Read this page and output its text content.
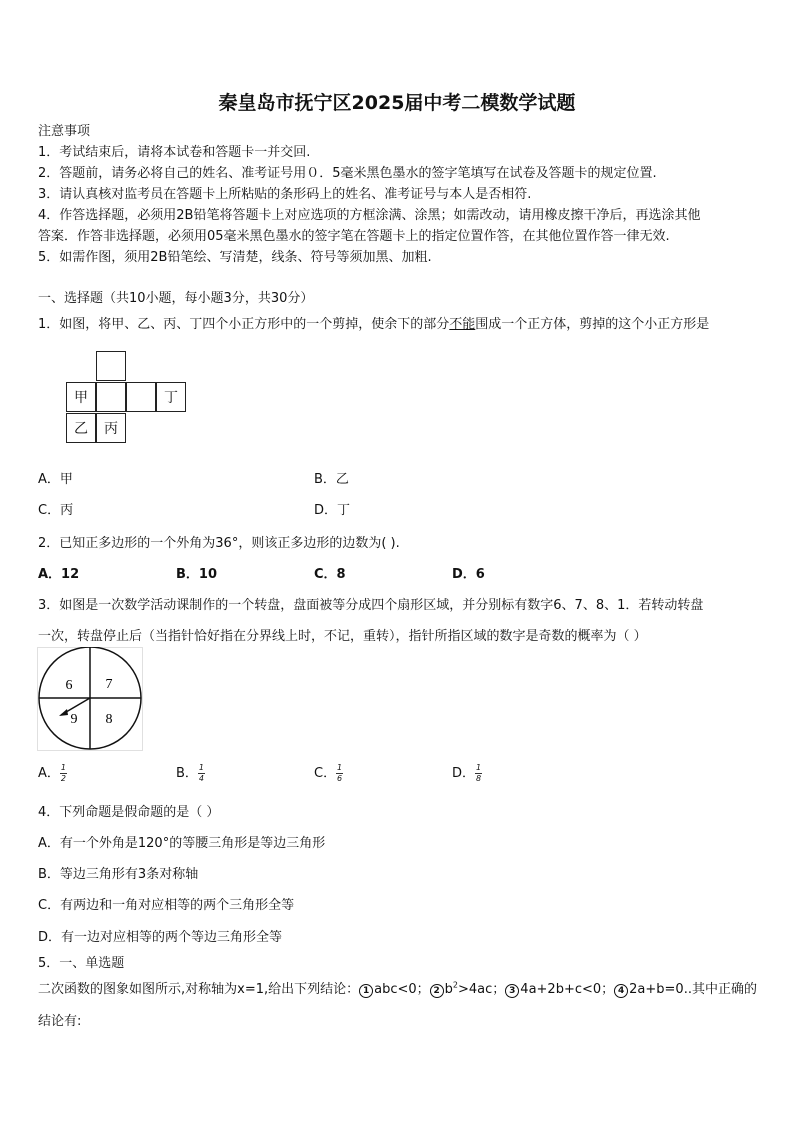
秦皇岛市抚宁区2025届中考二模数学试题
注意事项
1．考试结束后，请将本试卷和答题卡一并交回.
2．答题前，请务必将自己的姓名、准考证号用０．5毫米黑色墨水的签字笔填写在试卷及答题卡的规定位置.
3．请认真核对监考员在答题卡上所粘贴的条形码上的姓名、准考证号与本人是否相符.
4．作答选择题，必须用2B铅笔将答题卡上对应选项的方框涂满、涂黑；如需改动，请用橡皮擦干净后，再选涂其他
答案．作答非选择题，必须用05毫米黑色墨水的签字笔在答题卡上的指定位置作答，在其他位置作答一律无效.
5．如需作图，须用2B铅笔绘、写清楚，线条、符号等须加黑、加粗.
一、选择题（共10小题，每小题3分，共30分）
1．如图，将甲、乙、丙、丁四个小正方形中的一个剪掉，使余下的部分不能围成一个正方体，剪掉的这个小正方形是
甲	丁
乙	丙
A．甲	B．乙
C．丙	D．丁
2．已知正多边形的一个外角为36°，则该正多边形的边数为( ).
A．12	B．10	C．8	D．6
3．如图是一次数学活动课制作的一个转盘，盘面被等分成四个扇形区域，并分别标有数字6、7、8、1．若转动转盘
一次，转盘停止后（当指针恰好指在分界线上时，不记，重转），指针所指区域的数字是奇数的概率为（ ）
6 7
9 8
A． $\frac{1}{2}$	B． $\frac{1}{4}$	C． $\frac{1}{6}$	D． $\frac{1}{8}$
4．下列命题是假命题的是（ ）
A．有一个外角是120°的等腰三角形是等边三角形
B．等边三角形有3条对称轴
C．有两边和一角对应相等的两个三角形全等
D．有一边对应相等的两个等边三角形全等
5．一、单选题
二次函数的图象如图所示,对称轴为x=1,给出下列结论： 1 abc<0； 2 $b^2>4ac$； 3 4a+2b+c<0； 4 2a+b=0..其中正确的
结论有:
